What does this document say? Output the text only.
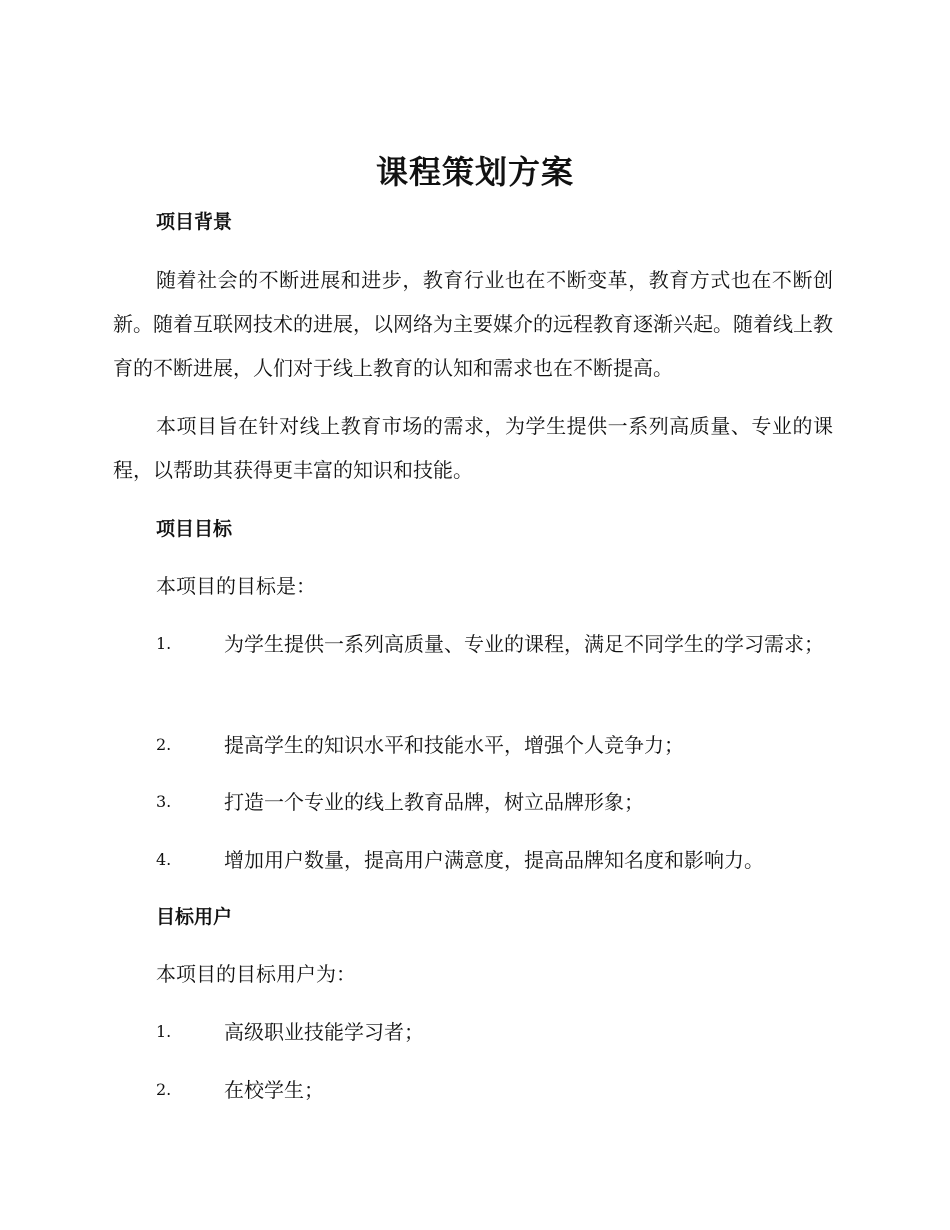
课程策划方案
项目背景
随着社会的不断进展和进步，教育行业也在不断变革，教育方式也在不断创新。随着互联网技术的进展，以网络为主要媒介的远程教育逐渐兴起。随着线上教育的不断进展，人们对于线上教育的认知和需求也在不断提高。
本项目旨在针对线上教育市场的需求，为学生提供一系列高质量、专业的课程，以帮助其获得更丰富的知识和技能。
项目目标
本项目的目标是：
1.	为学生提供一系列高质量、专业的课程，满足不同学生的学习需求；
2.	提高学生的知识水平和技能水平，增强个人竞争力；
3.	打造一个专业的线上教育品牌，树立品牌形象；
4.	增加用户数量，提高用户满意度，提高品牌知名度和影响力。
目标用户
本项目的目标用户为：
1.	高级职业技能学习者；
2.	在校学生；
